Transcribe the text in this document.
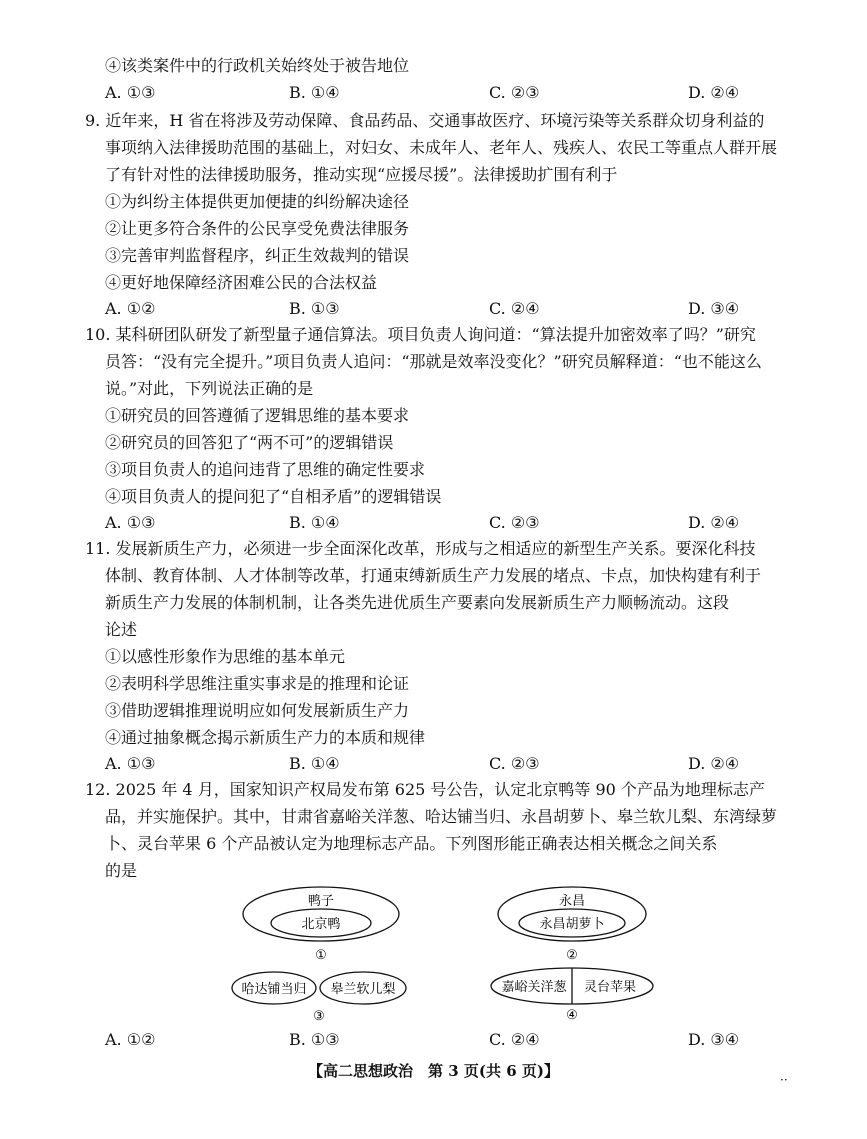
④该类案件中的行政机关始终处于被告地位
A. ①③	B. ①④	C. ②③	D. ②④
9. 近年来，H 省在将涉及劳动保障、食品药品、交通事故医疗、环境污染等关系群众切身利益的
事项纳入法律援助范围的基础上，对妇女、未成年人、老年人、残疾人、农民工等重点人群开展
了有针对性的法律援助服务，推动实现“应援尽援”。法律援助扩围有利于
①为纠纷主体提供更加便捷的纠纷解决途径
②让更多符合条件的公民享受免费法律服务
③完善审判监督程序，纠正生效裁判的错误
④更好地保障经济困难公民的合法权益
A. ①②	B. ①③	C. ②④	D. ③④
10. 某科研团队研发了新型量子通信算法。项目负责人询问道：“算法提升加密效率了吗？”研究
员答：“没有完全提升。”项目负责人追问：“那就是效率没变化？”研究员解释道：“也不能这么
说。”对此，下列说法正确的是
①研究员的回答遵循了逻辑思维的基本要求
②研究员的回答犯了“两不可”的逻辑错误
③项目负责人的追问违背了思维的确定性要求
④项目负责人的提问犯了“自相矛盾”的逻辑错误
A. ①③	B. ①④	C. ②③	D. ②④
11. 发展新质生产力，必须进一步全面深化改革，形成与之相适应的新型生产关系。要深化科技
体制、教育体制、人才体制等改革，打通束缚新质生产力发展的堵点、卡点，加快构建有利于
新质生产力发展的体制机制，让各类先进优质生产要素向发展新质生产力顺畅流动。这段
论述
①以感性形象作为思维的基本单元
②表明科学思维注重实事求是的推理和论证
③借助逻辑推理说明应如何发展新质生产力
④通过抽象概念揭示新质生产力的本质和规律
A. ①③	B. ①④	C. ②③	D. ②④
12. 2025 年 4 月，国家知识产权局发布第 625 号公告，认定北京鸭等 90 个产品为地理标志产
品，并实施保护。其中，甘肃省嘉峪关洋葱、哈达铺当归、永昌胡萝卜、皋兰软儿梨、东湾绿萝
卜、灵台苹果 6 个产品被认定为地理标志产品。下列图形能正确表达相关概念之间关系
的是
鸭子
北京鸭
①
永昌
永昌胡萝卜
②
哈达铺当归 皋兰软儿梨
③
嘉峪关洋葱 灵台苹果
④
A. ①②	B. ①③	C. ②④	D. ③④
【高二思想政治　第 3 页(共 6 页)】	··
